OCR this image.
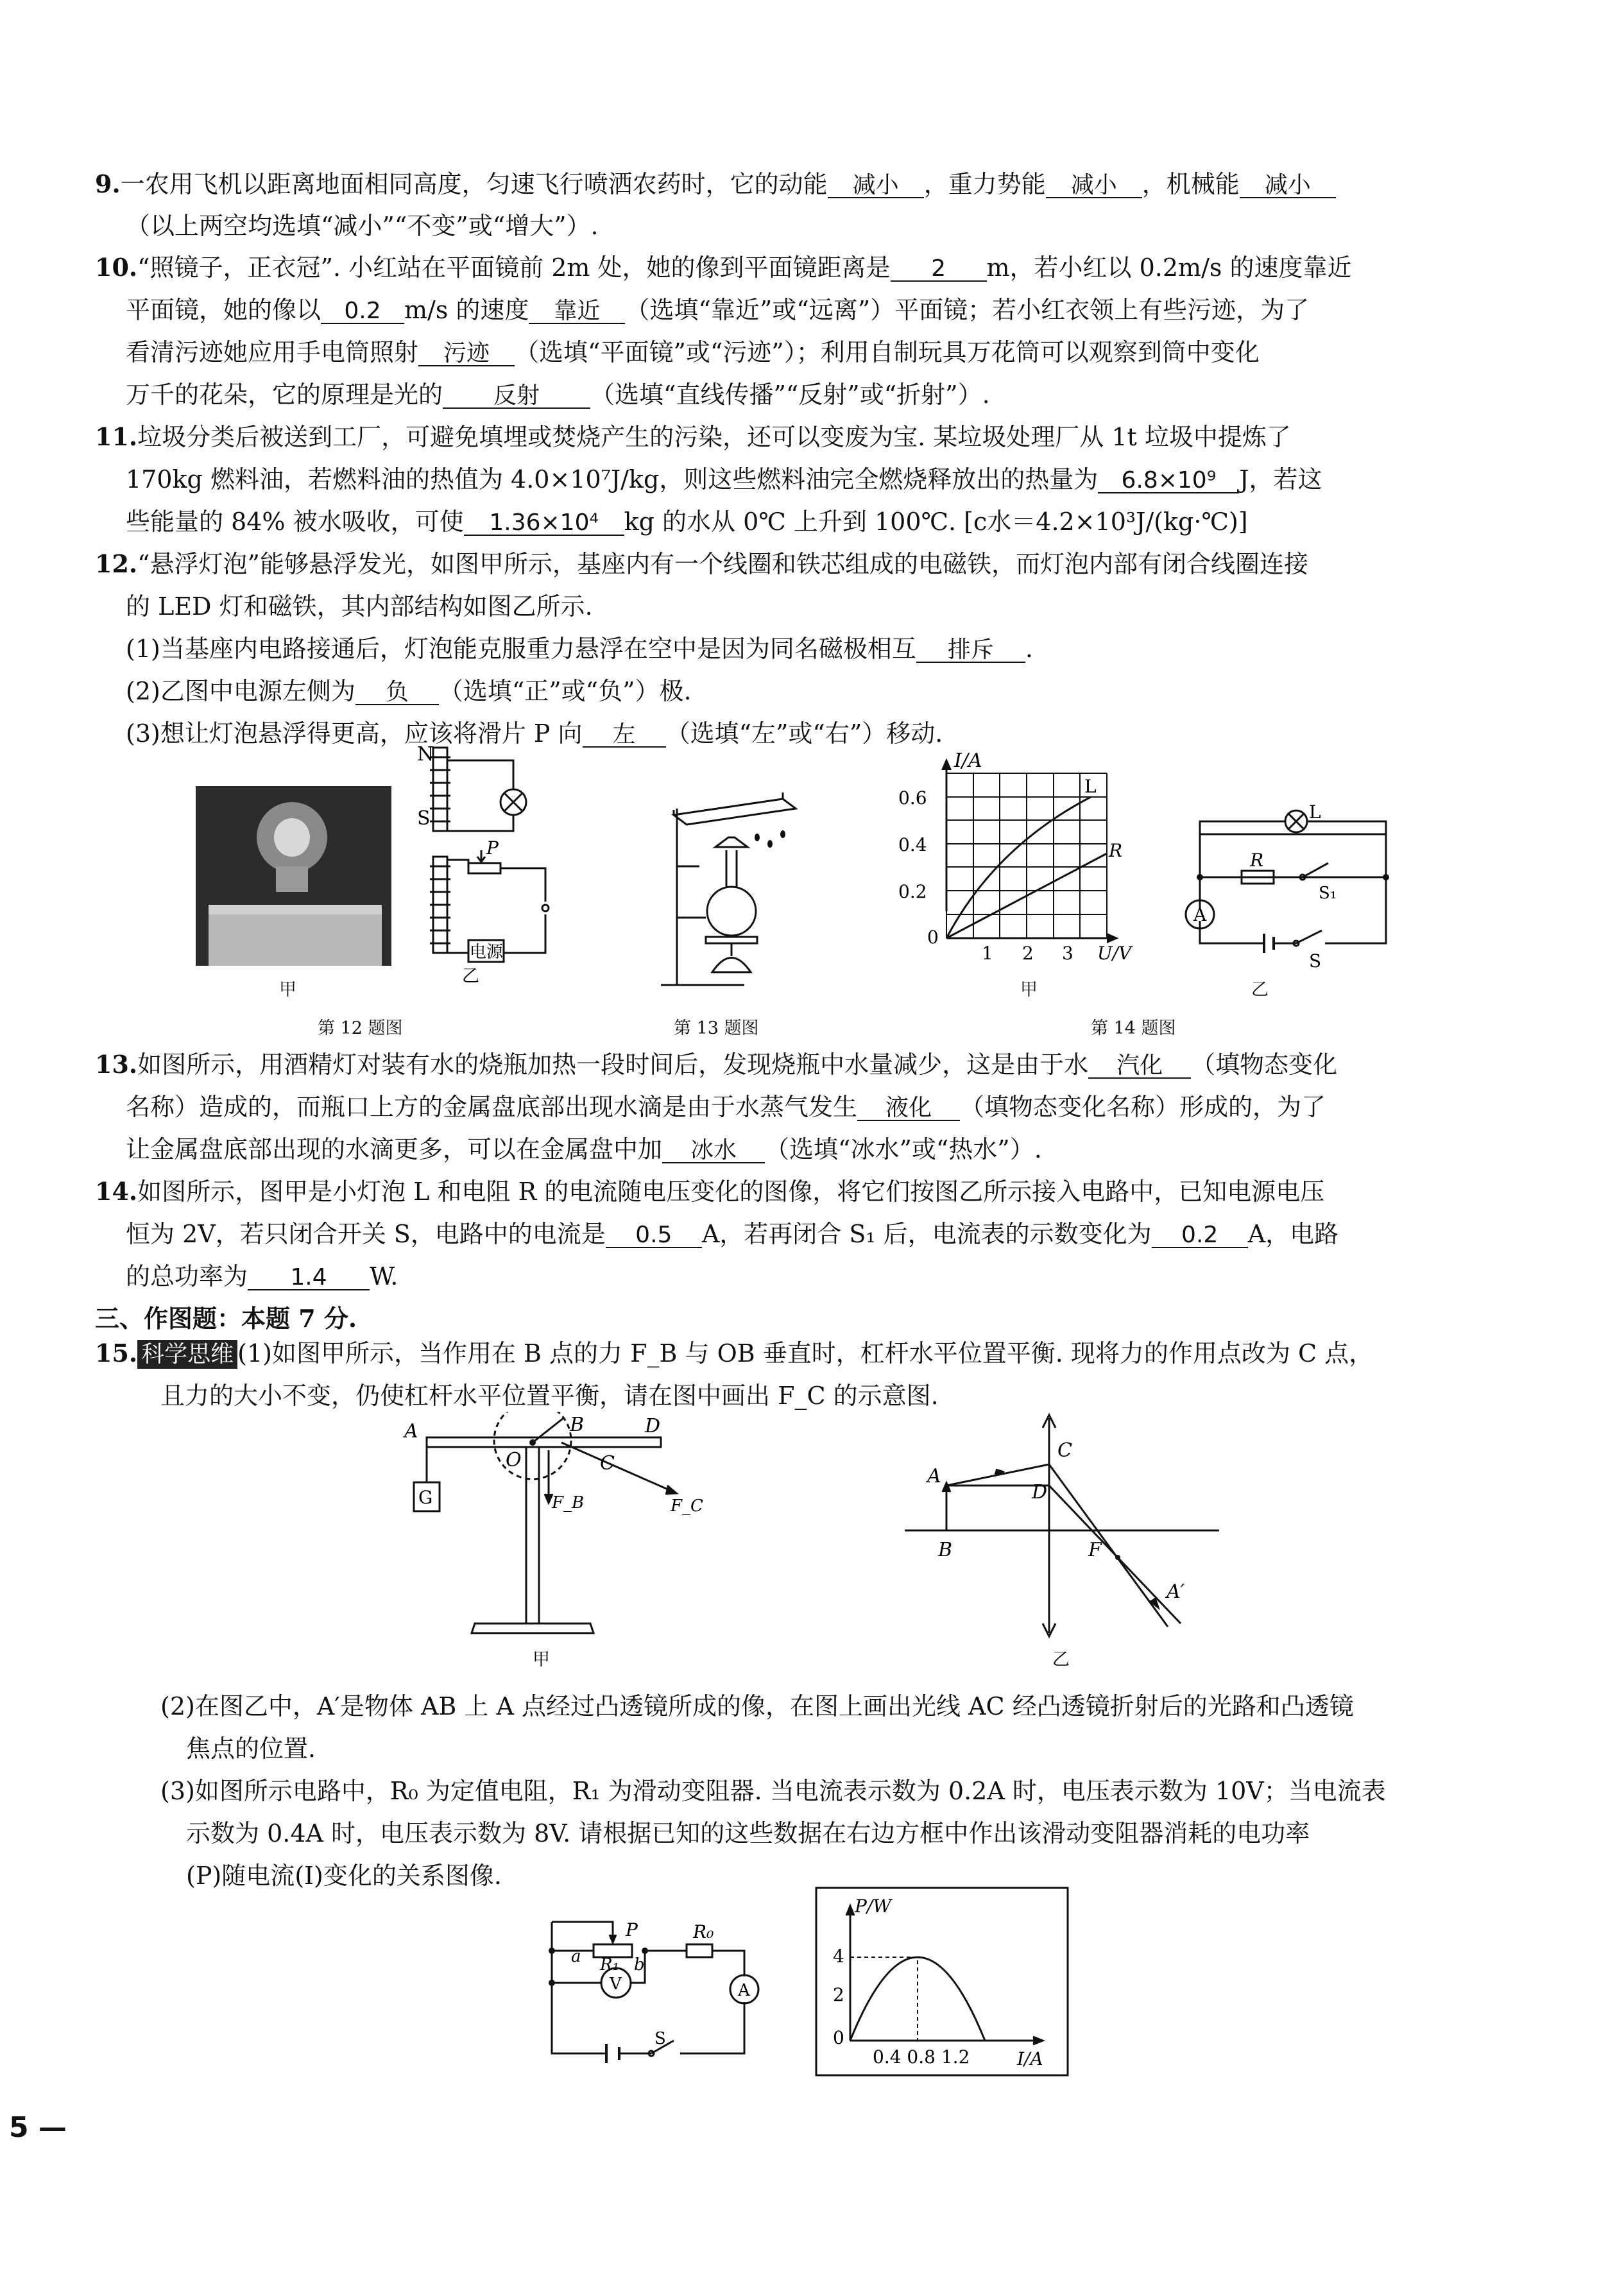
9.一农用飞机以距离地面相同高度，匀速飞行喷洒农药时，它的动能 减小 ，重力势能 减小 ，机械能 减小
（以上两空均选填“减小”“不变”或“增大”）.
10.“照镜子，正衣冠”. 小红站在平面镜前 2m 处，她的像到平面镜距离是 2 m，若小红以 0.2m/s 的速度靠近
平面镜，她的像以 0.2 m/s 的速度 靠近 （选填“靠近”或“远离”）平面镜；若小红衣领上有些污迹，为了
看清污迹她应用手电筒照射 污迹 （选填“平面镜”或“污迹”）；利用自制玩具万花筒可以观察到筒中变化
万千的花朵，它的原理是光的 反射 （选填“直线传播”“反射”或“折射”）.
11.垃圾分类后被送到工厂，可避免填埋或焚烧产生的污染，还可以变废为宝. 某垃圾处理厂从 1t 垃圾中提炼了
170kg 燃料油，若燃料油的热值为 4.0×10⁷J/kg，则这些燃料油完全燃烧释放出的热量为 6.8×10⁹ J，若这
些能量的 84% 被水吸收，可使 1.36×10⁴ kg 的水从 0℃ 上升到 100℃. [c水＝4.2×10³J/(kg·℃)]
12.“悬浮灯泡”能够悬浮发光，如图甲所示，基座内有一个线圈和铁芯组成的电磁铁，而灯泡内部有闭合线圈连接
的 LED 灯和磁铁，其内部结构如图乙所示.
(1)当基座内电路接通后，灯泡能克服重力悬浮在空中是因为同名磁极相互 排斥 .
(2)乙图中电源左侧为 负 （选填“正”或“负”）极.
(3)想让灯泡悬浮得更高，应该将滑片 P 向 左 （选填“左”或“右”）移动.
甲
N
S
P
电源
乙
第 12 题图	第 13 题图
I/A
L
R
0.6
0.4
0.2
0
1 2 3 U/V
甲
L
R
S₁
A
S
乙
第 14 题图
13.如图所示，用酒精灯对装有水的烧瓶加热一段时间后，发现烧瓶中水量减少，这是由于水 汽化 （填物态变化
名称）造成的，而瓶口上方的金属盘底部出现水滴是由于水蒸气发生 液化 （填物态变化名称）形成的，为了
让金属盘底部出现的水滴更多，可以在金属盘中加 冰水 （选填“冰水”或“热水”）.
14.如图所示，图甲是小灯泡 L 和电阻 R 的电流随电压变化的图像，将它们按图乙所示接入电路中，已知电源电压
恒为 2V，若只闭合开关 S，电路中的电流是 0.5 A，若再闭合 S₁ 后，电流表的示数变化为 0.2 A，电路
的总功率为 1.4 W.
三、作图题：本题 7 分.
15. 科学思维 (1)如图甲所示，当作用在 B 点的力 F_B 与 OB 垂直时，杠杆水平位置平衡. 现将力的作用点改为 C 点，
且力的大小不变，仍使杠杆水平位置平衡，请在图中画出 F_C 的示意图.
A
O
B
C
D
G	F_B	F_C
甲
A
B
C
D
F
A′
乙
(2)在图乙中，A′是物体 AB 上 A 点经过凸透镜所成的像，在图上画出光线 AC 经凸透镜折射后的光路和凸透镜
焦点的位置.
(3)如图所示电路中，R₀ 为定值电阻，R₁ 为滑动变阻器. 当电流表示数为 0.2A 时，电压表示数为 10V；当电流表
示数为 0.4A 时，电压表示数为 8V. 请根据已知的这些数据在右边方框中作出该滑动变阻器消耗的电功率
(P)随电流(I)变化的关系图像.
P	R₀
a R₁ b
V	A
S
P/W
4
2
0
0.4 0.8 1.2	I/A
5 —
